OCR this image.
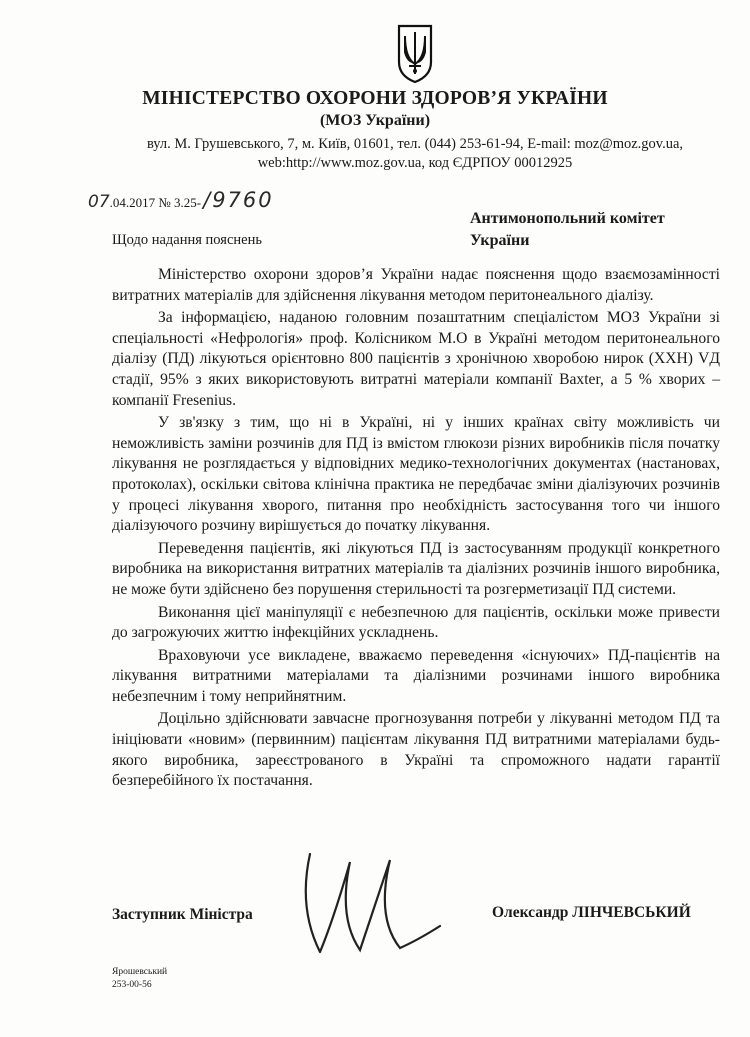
МІНІСТЕРСТВО ОХОРОНИ ЗДОРОВ’Я УКРАЇНИ
(МОЗ України)
вул. М. Грушевського, 7, м. Київ, 01601, тел. (044) 253-61-94, E-mail: moz@moz.gov.ua,
web:http://www.moz.gov.ua, код ЄДРПОУ 00012925
07.04.2017 № 3.25-/9760
Антимонопольний комітет
України
Щодо надання пояснень

Міністерство охорони здоров’я України надає пояснення щодо взаємозамінності витратних матеріалів для здійснення лікування методом перитонеального діалізу.

За інформацією, наданою головним позаштатним спеціалістом МОЗ України зі спеціальності «Нефрологія» проф. Колісником М.О в Україні методом перитонеального діалізу (ПД) лікуються орієнтовно 800 пацієнтів з хронічною хворобою нирок (ХХН) VД стадії, 95% з яких використовують витратні матеріали компанії Baxter, а 5 % хворих – компанії Fresenius.

У зв'язку з тим, що ні в Україні, ні у інших країнах світу можливість чи неможливість заміни розчинів для ПД із вмістом глюкози різних виробників після початку лікування не розглядається у відповідних медико-технологічних документах (настановах, протоколах), оскільки світова клінічна практика не передбачає зміни діалізуючих розчинів у процесі лікування хворого, питання про необхідність застосування того чи іншого діалізуючого розчину вирішується до початку лікування.

Переведення пацієнтів, які лікуються ПД із застосуванням продукції конкретного виробника на використання витратних матеріалів та діалізних розчинів іншого виробника, не може бути здійснено без порушення стерильності та розгерметизації ПД системи.

Виконання цієї маніпуляції є небезпечною для пацієнтів, оскільки може привести до загрожуючих життю інфекційних ускладнень.

Враховуючи усе викладене, вважаємо переведення «існуючих» ПД-пацієнтів на лікування витратними матеріалами та діалізними розчинами іншого виробника небезпечним і тому неприйнятним.

Доцільно здійснювати завчасне прогнозування потреби у лікуванні методом ПД та ініціювати «новим» (первинним) пацієнтам лікування ПД витратними матеріалами будь-якого виробника, зареєстрованого в Україні та спроможного надати гарантії безперебійного їх постачання.

Заступник Міністра	Олександр ЛІНЧЕВСЬКИЙ
Ярошевський
253-00-56
